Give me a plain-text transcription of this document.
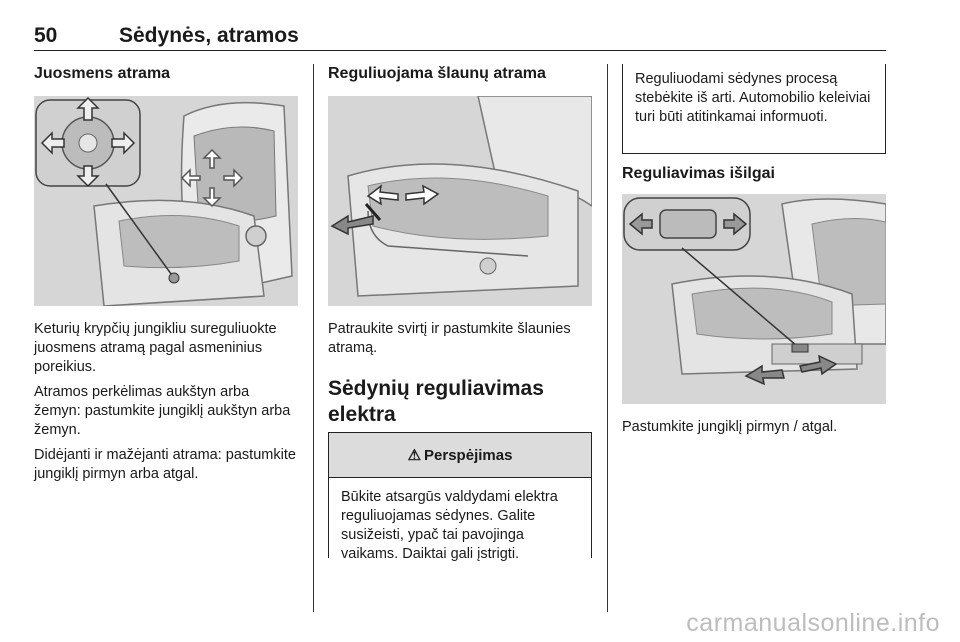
50	Sėdynės, atramos
Juosmens atrama

Keturių krypčių jungikliu sureguliuokte juosmens atramą pagal asmeninius poreikius.

Atramos perkėlimas aukštyn arba žemyn: pastumkite jungiklį aukštyn arba žemyn.

Didėjanti ir mažėjanti atrama: pastumkite jungiklį pirmyn arba atgal.

Reguliuojama šlaunų atrama

Patraukite svirtį ir pastumkite šlaunies atramą.

Sėdynių reguliavimas elektra
⚠ Perspėjimas
Būkite atsargūs valdydami elektra reguliuojamas sėdynes. Galite susižeisti, ypač tai pavojinga vaikams. Daiktai gali įstrigti.
Reguliuodami sėdynes procesą stebėkite iš arti. Automobilio keleiviai turi būti atitinkamai informuoti.
Reguliavimas išilgai

Pastumkite jungiklį pirmyn / atgal.

carmanualsonline.info
